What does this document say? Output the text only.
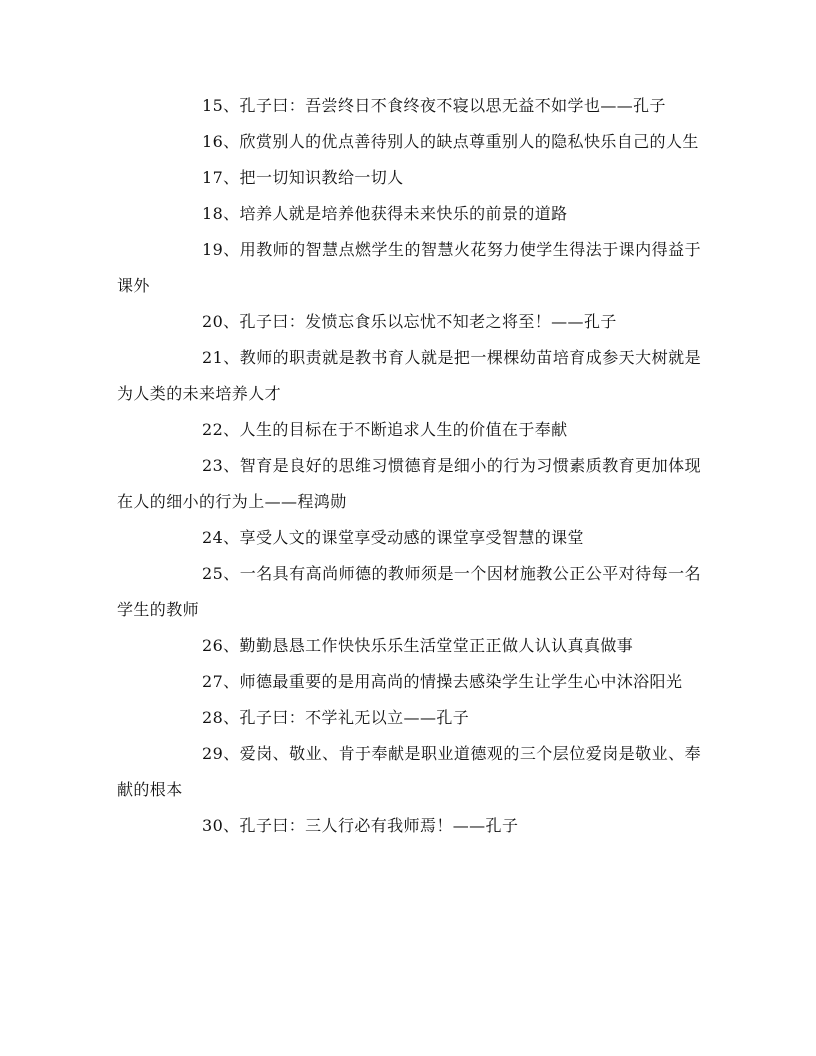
15、孔子曰：吾尝终日不食终夜不寝以思无益不如学也——孔子

16、欣赏别人的优点善待别人的缺点尊重别人的隐私快乐自己的人生

17、把一切知识教给一切人

18、培养人就是培养他获得未来快乐的前景的道路

19、用教师的智慧点燃学生的智慧火花努力使学生得法于课内得益于课外

20、孔子曰：发愤忘食乐以忘忧不知老之将至！——孔子

21、教师的职责就是教书育人就是把一棵棵幼苗培育成参天大树就是为人类的未来培养人才

22、人生的目标在于不断追求人生的价值在于奉献

23、智育是良好的思维习惯德育是细小的行为习惯素质教育更加体现在人的细小的行为上——程鸿勋

24、享受人文的课堂享受动感的课堂享受智慧的课堂

25、一名具有高尚师德的教师须是一个因材施教公正公平对待每一名学生的教师

26、勤勤恳恳工作快快乐乐生活堂堂正正做人认认真真做事

27、师德最重要的是用高尚的情操去感染学生让学生心中沐浴阳光

28、孔子曰：不学礼无以立——孔子

29、爱岗、敬业、肯于奉献是职业道德观的三个层位爱岗是敬业、奉献的根本

30、孔子曰：三人行必有我师焉！——孔子
